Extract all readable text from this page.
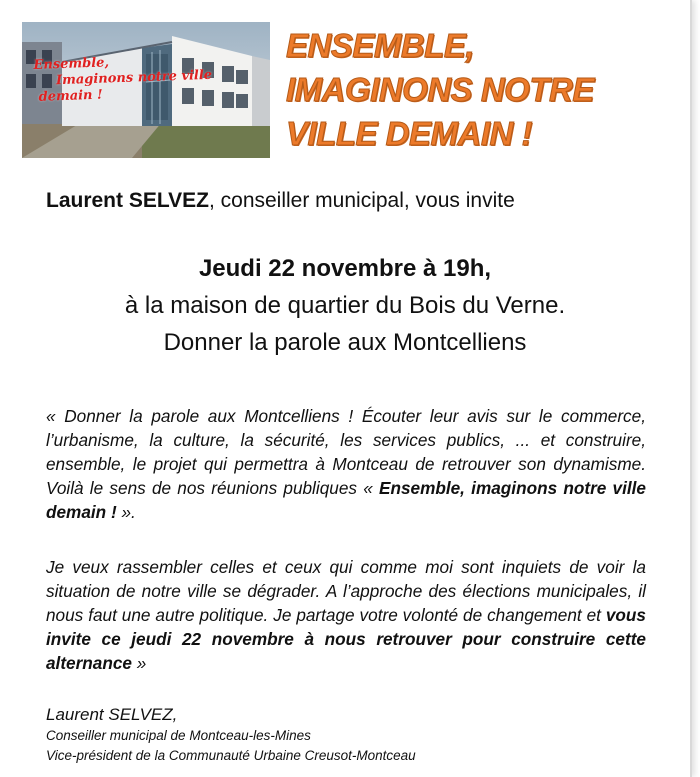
Ensemble,
Imaginons notre ville
demain !
ENSEMBLE,
IMAGINONS NOTRE
VILLE DEMAIN !
Laurent SELVEZ, conseiller municipal, vous invite
Jeudi 22 novembre à 19h,
à la maison de quartier du Bois du Verne.
Donner la parole aux Montcelliens
« Donner la parole aux Montcelliens ! Écouter leur avis sur le commerce, l’urbanisme, la culture, la sécurité, les services publics, ... et construire, ensemble, le projet qui permettra à Montceau de retrouver son dynamisme. Voilà le sens de nos réunions publiques « Ensemble, imaginons notre ville demain ! ».
Je veux rassembler celles et ceux qui comme moi sont inquiets de voir la situation de notre ville se dégrader. A l’approche des élections municipales, il nous faut une autre politique. Je partage votre volonté de changement et vous invite ce jeudi 22 novembre à nous retrouver pour construire cette alternance »
Laurent SELVEZ,
Conseiller municipal de Montceau-les-Mines
Vice-président de la Communauté Urbaine Creusot-Montceau
